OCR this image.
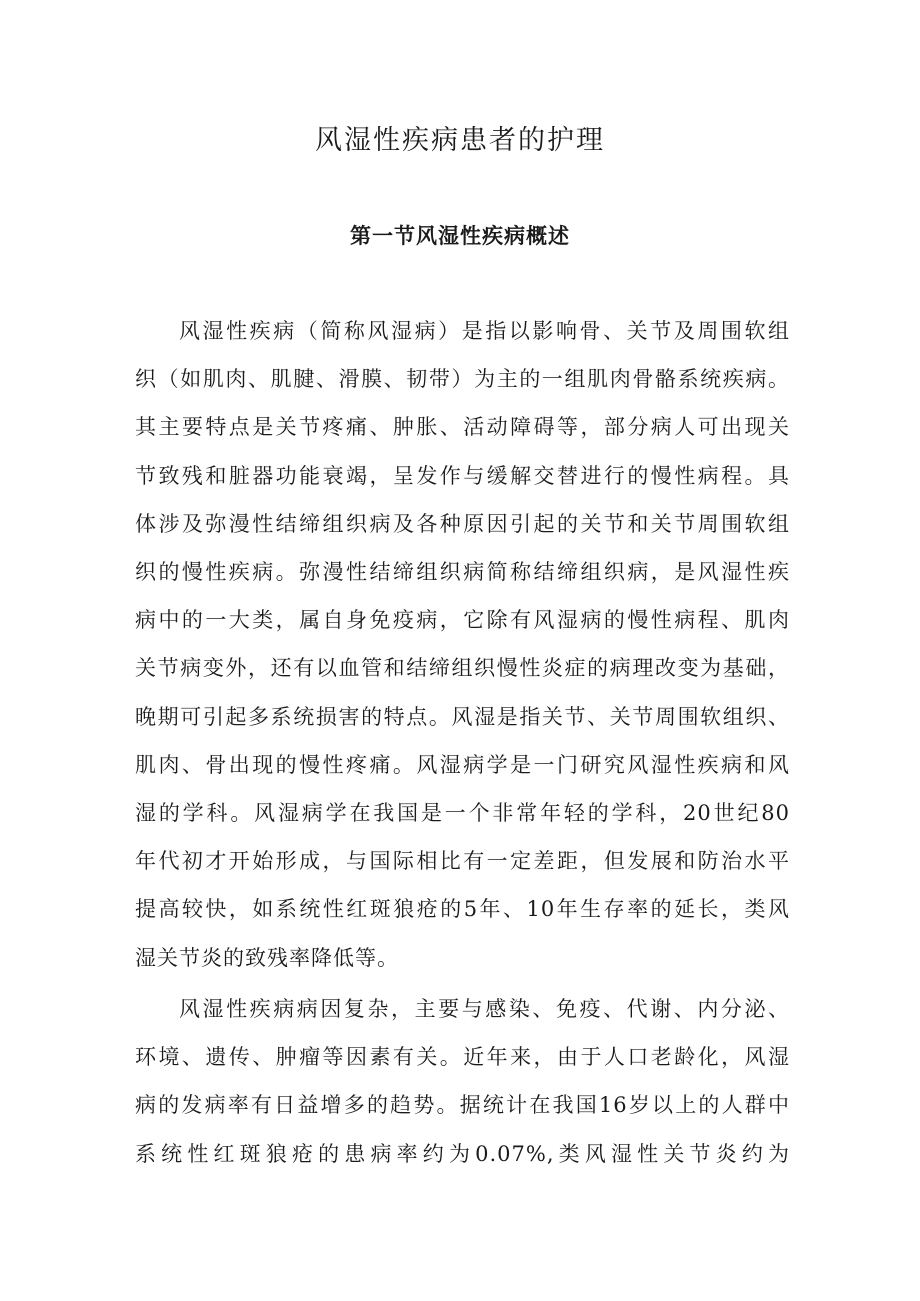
风湿性疾病患者的护理
第一节风湿性疾病概述
风湿性疾病（简称风湿病）是指以影响骨、关节及周围软组
织（如肌肉、肌腱、滑膜、韧带）为主的一组肌肉骨骼系统疾病。
其主要特点是关节疼痛、肿胀、活动障碍等，部分病人可出现关
节致残和脏器功能衰竭，呈发作与缓解交替进行的慢性病程。具
体涉及弥漫性结缔组织病及各种原因引起的关节和关节周围软组
织的慢性疾病。弥漫性结缔组织病简称结缔组织病，是风湿性疾
病中的一大类，属自身免疫病，它除有风湿病的慢性病程、肌肉
关节病变外，还有以血管和结缔组织慢性炎症的病理改变为基础，
晚期可引起多系统损害的特点。风湿是指关节、关节周围软组织、
肌肉、骨出现的慢性疼痛。风湿病学是一门研究风湿性疾病和风
湿的学科。风湿病学在我国是一个非常年轻的学科，20世纪80
年代初才开始形成，与国际相比有一定差距，但发展和防治水平
提高较快，如系统性红斑狼疮的5年、10年生存率的延长，类风
湿关节炎的致残率降低等。
风湿性疾病病因复杂，主要与感染、免疫、代谢、内分泌、
环境、遗传、肿瘤等因素有关。近年来，由于人口老龄化，风湿
病的发病率有日益增多的趋势。据统计在我国16岁以上的人群中
系统性红斑狼疮的患病率约为0.07%,类风湿性关节炎约为
